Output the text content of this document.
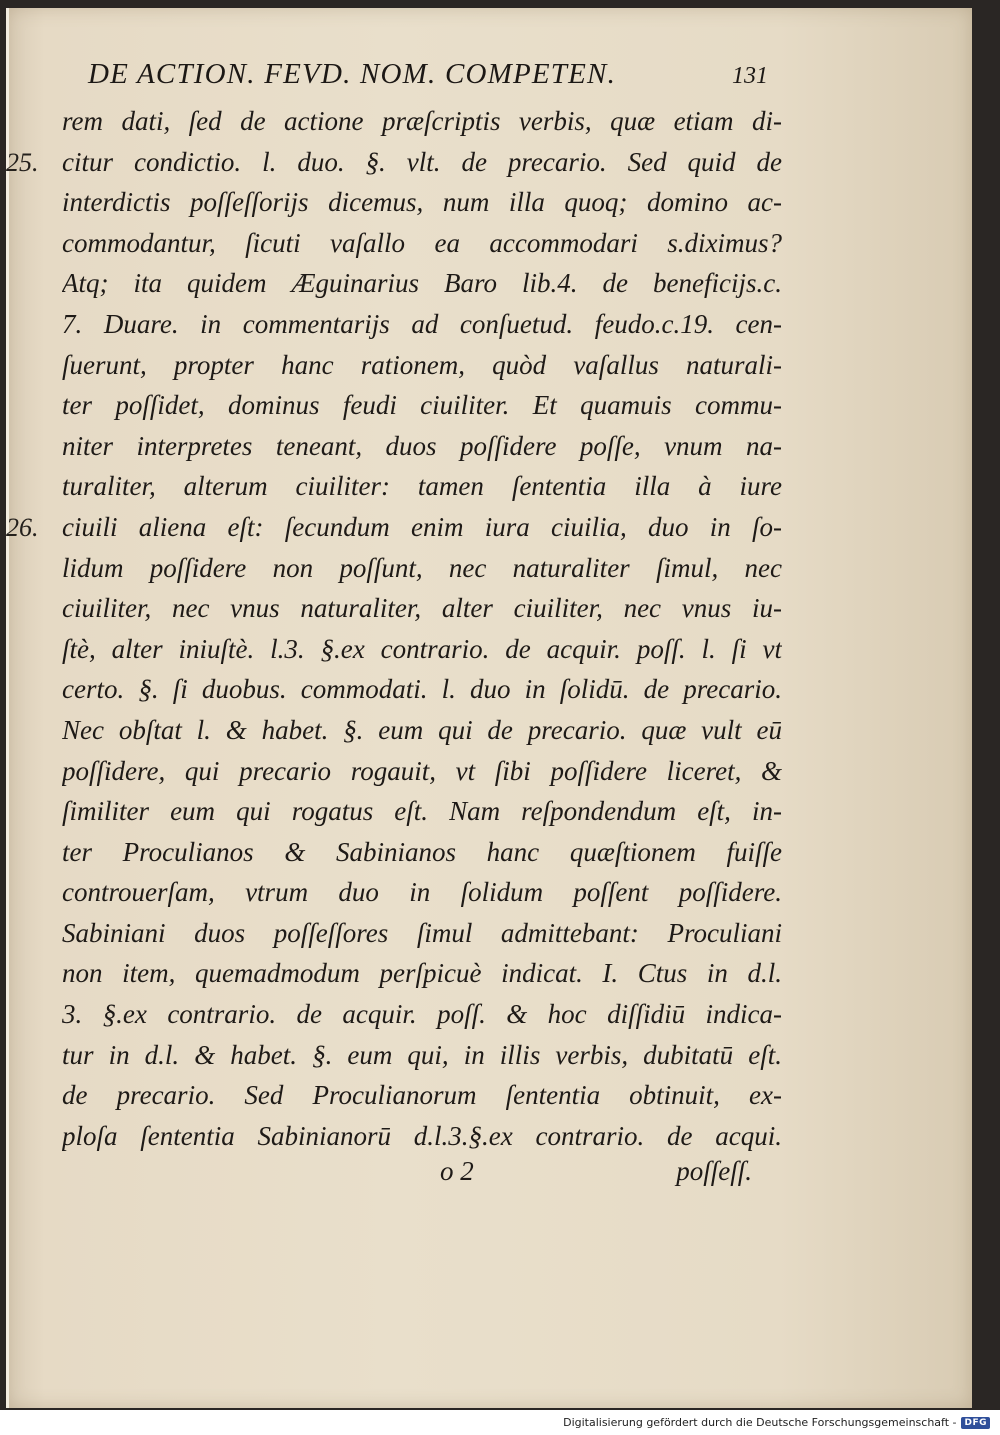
DE ACTION. FEVD. NOM. COMPETEN.	131
rem dati, ſed de actione præſcriptis verbis, quæ etiam di-
citur condictio. l. duo. §. vlt. de precario. Sed quid de
interdictis poſſeſſorijs dicemus, num illa quoq; domino ac-
commodantur, ſicuti vaſallo ea accommodari s.diximus?
Atq; ita quidem Æguinarius Baro lib.4. de beneficijs.c.
7. Duare. in commentarijs ad conſuetud. feudo.c.19. cen-
ſuerunt, propter hanc rationem, quòd vaſallus naturali-
ter poſſidet, dominus feudi ciuiliter. Et quamuis commu-
niter interpretes teneant, duos poſſidere poſſe, vnum na-
turaliter, alterum ciuiliter: tamen ſententia illa à iure
ciuili aliena eſt: ſecundum enim iura ciuilia, duo in ſo-
lidum poſſidere non poſſunt, nec naturaliter ſimul, nec
ciuiliter, nec vnus naturaliter, alter ciuiliter, nec vnus iu-
ſtè, alter iniuſtè. l.3. §.ex contrario. de acquir. poſſ. l. ſi vt
certo. §. ſi duobus. commodati. l. duo in ſolidū. de precario.
Nec obſtat l. & habet. §. eum qui de precario. quæ vult eū
poſſidere, qui precario rogauit, vt ſibi poſſidere liceret, &
ſimiliter eum qui rogatus eſt. Nam reſpondendum eſt, in-
ter Proculianos & Sabinianos hanc quæſtionem fuiſſe
controuerſam, vtrum duo in ſolidum poſſent poſſidere.
Sabiniani duos poſſeſſores ſimul admittebant: Proculiani
non item, quemadmodum perſpicuè indicat. I. Ctus in d.l.
3. §.ex contrario. de acquir. poſſ. & hoc diſſidiū indica-
tur in d.l. & habet. §. eum qui, in illis verbis, dubitatū eſt.
de precario. Sed Proculianorum ſententia obtinuit, ex-
ploſa ſententia Sabinianorū d.l.3.§.ex contrario. de acqui.
o 2	poſſeſſ.
Digitalisierung gefördert durch die Deutsche Forschungsgemeinschaft - DFG
